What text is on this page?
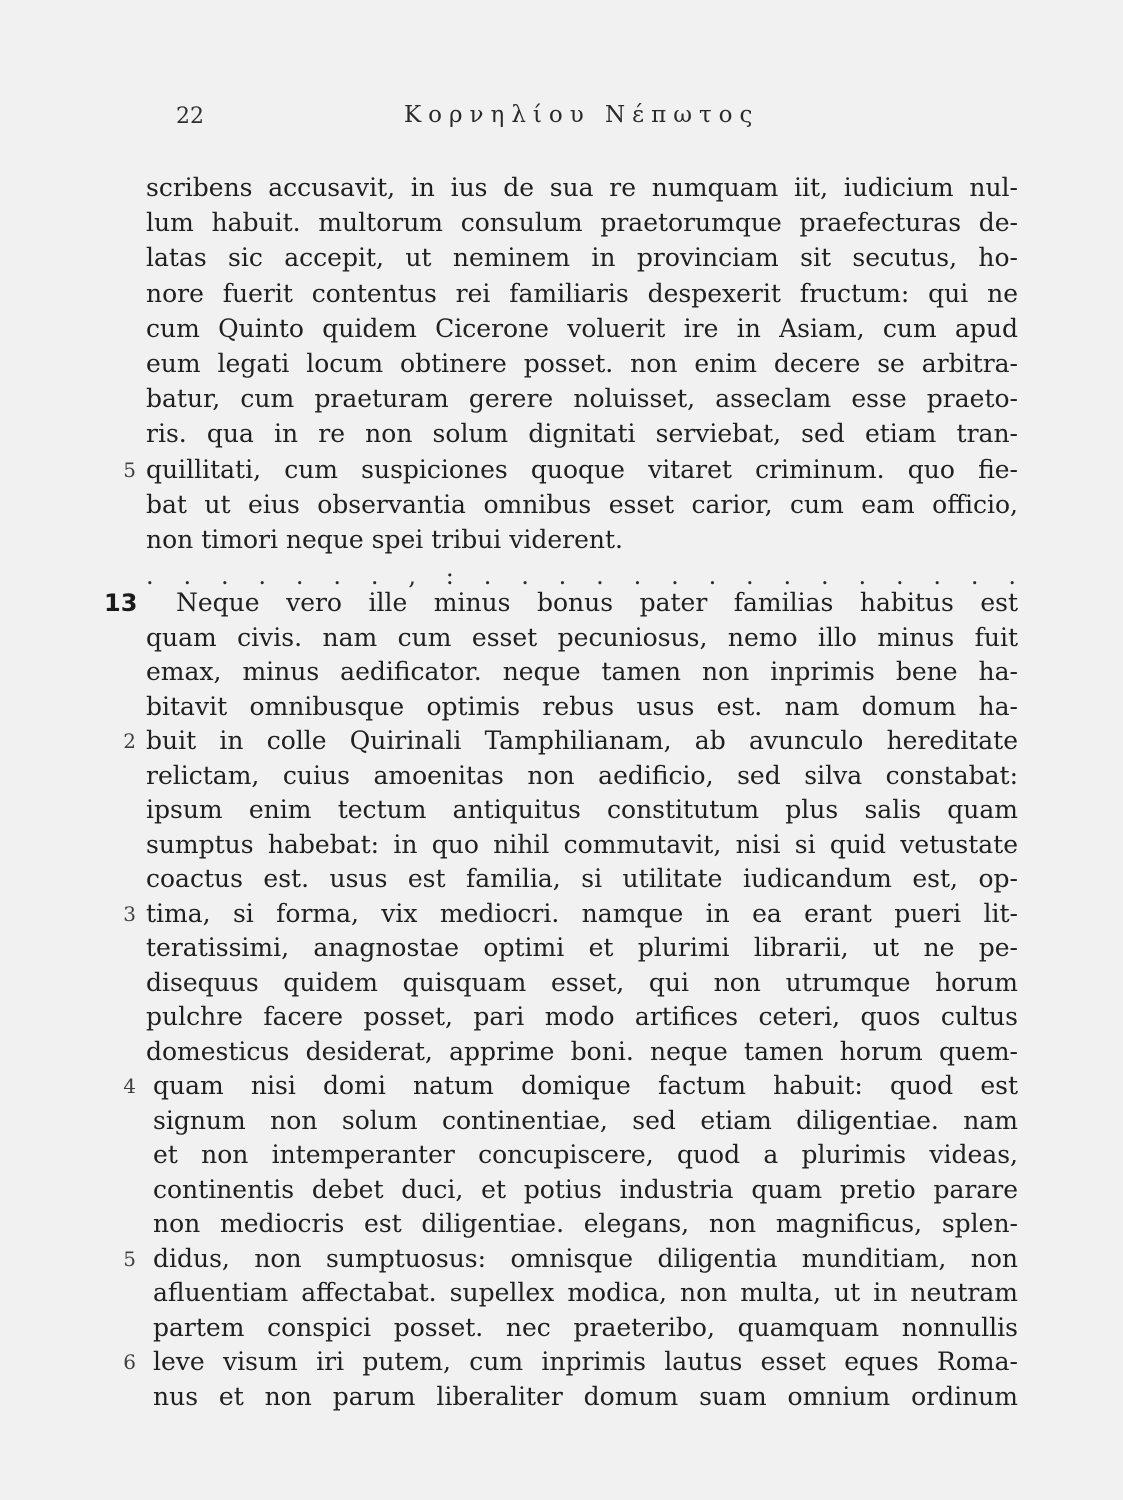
22	Κορνηλίου Νέπωτος
scribens accusavit, in ius de sua re numquam iit, iudicium nul-
lum habuit. multorum consulum praetorumque praefecturas de-
latas sic accepit, ut neminem in provinciam sit secutus, ho-
nore fuerit contentus rei familiaris despexerit fructum: qui ne
cum Quinto quidem Cicerone voluerit ire in Asiam, cum apud
eum legati locum obtinere posset. non enim decere se arbitra-
batur, cum praeturam gerere noluisset, asseclam esse praeto-
ris. qua in re non solum dignitati serviebat, sed etiam tran-
quillitati, cum suspiciones quoque vitaret criminum. quo fie-
bat ut eius observantia omnibus esset carior, cum eam officio,
non timori neque spei tribui viderent.
5
. . . . . . . , : . . . . . . . . . . . . . . .
13 Neque vero ille minus bonus pater familias habitus est
quam civis. nam cum esset pecuniosus, nemo illo minus fuit
emax, minus aedificator. neque tamen non inprimis bene ha-
bitavit omnibusque optimis rebus usus est. nam domum ha-
buit in colle Quirinali Tamphilianam, ab avunculo hereditate
relictam, cuius amoenitas non aedificio, sed silva constabat:
ipsum enim tectum antiquitus constitutum plus salis quam
sumptus habebat: in quo nihil commutavit, nisi si quid vetustate
coactus est. usus est familia, si utilitate iudicandum est, op-
tima, si forma, vix mediocri. namque in ea erant pueri lit-
teratissimi, anagnostae optimi et plurimi librarii, ut ne pe-
disequus quidem quisquam esset, qui non utrumque horum
pulchre facere posset, pari modo artifices ceteri, quos cultus
domesticus desiderat, apprime boni. neque tamen horum quem-
quam nisi domi natum domique factum habuit: quod est
signum non solum continentiae, sed etiam diligentiae. nam
et non intemperanter concupiscere, quod a plurimis videas,
continentis debet duci, et potius industria quam pretio parare
non mediocris est diligentiae. elegans, non magnificus, splen-
didus, non sumptuosus: omnisque diligentia munditiam, non
afluentiam affectabat. supellex modica, non multa, ut in neutram
partem conspici posset. nec praeteribo, quamquam nonnullis
leve visum iri putem, cum inprimis lautus esset eques Roma-
nus et non parum liberaliter domum suam omnium ordinum
2
3
4
5
6
